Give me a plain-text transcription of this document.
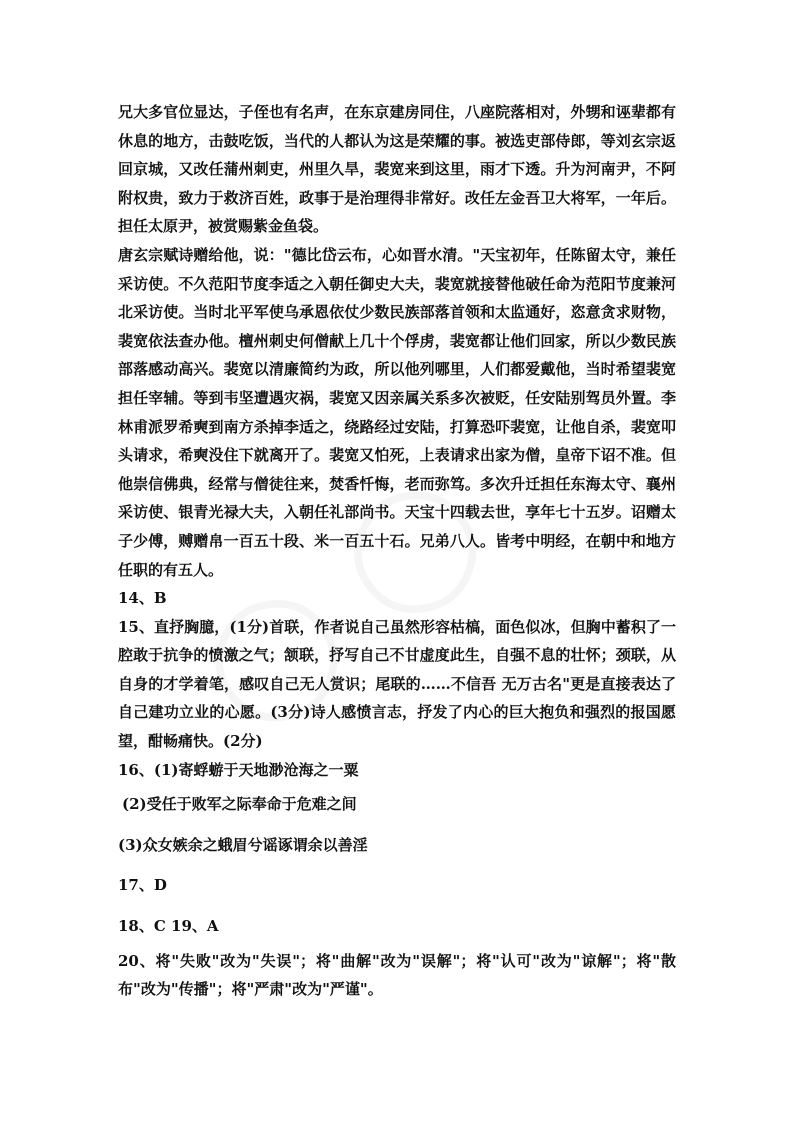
兄大多官位显达，子侄也有名声，在东京建房同住，八座院落相对，外甥和诬辈都有休息的地方，击鼓吃饭，当代的人都认为这是荣耀的事。被选吏部侍郎，等刘玄宗返回京城，又改任蒲州刺吏，州里久旱，裴宽来到这里，雨才下透。升为河南尹，不阿附权贵，致力于救济百姓，政事于是治理得非常好。改任左金吾卫大将军，一年后。担任太原尹，被赏赐紫金鱼袋。

唐玄宗赋诗赠给他，说："德比岱云布，心如晋水清。"天宝初年，任陈留太守，兼任采访使。不久范阳节度李适之入朝任御史大夫，裴宽就接替他破任命为范阳节度兼河北采访使。当时北平军使乌承恩依仗少数民族部落首领和太监通好，恣意贪求财物，裴宽依法查办他。檀州刺史何僧献上几十个俘虏，裴宽都让他们回家，所以少数民族部落感动高兴。裴宽以清廉简约为政，所以他列哪里，人们都爱戴他，当时希望裴宽担任宰辅。等到韦坚遭遇灾祸，裴宽又因亲属关系多次被贬，任安陆别驾员外置。李林甫派罗希奭到南方杀掉李适之，绕路经过安陆，打算恐吓裴宽，让他自杀，裴宽叩头请求，希奭没住下就离开了。裴宽又怕死，上表请求出家为僧，皇帝下诏不准。但他崇信佛典，经常与僧徒往来，焚香忏悔，老而弥笃。多次升迁担任东海太守、襄州采访使、银青光禄大夫，入朝任礼部尚书。天宝十四载去世，享年七十五岁。诏赠太子少傅，赙赠帛一百五十段、米一百五十石。兄弟八人。皆考中明经，在朝中和地方任职的有五人。

14、B

15、直抒胸臆，(1分)首联，作者说自己虽然形容枯槁，面色似冰，但胸中蓄积了一腔敢于抗争的愤激之气；颔联，抒写自己不甘虚度此生，自强不息的壮怀；颈联，从自身的才学着笔，感叹自己无人赏识；尾联的……不信吾 无万古名"更是直接表达了自己建功立业的心愿。(3分)诗人感愤言志，抒发了内心的巨大抱负和强烈的报国愿望，酣畅痛快。(2分)

16、(1)寄蜉蝣于天地渺沧海之一粟

(2)受任于败军之际奉命于危难之间

(3)众女嫉余之蛾眉兮谣诼谓余以善淫

17、D

18、C 19、A

20、将"失败"改为"失误"；将"曲解"改为"误解"；将"认可"改为"谅解"；将"散布"改为"传播"；将"严肃"改为"严谨"。
